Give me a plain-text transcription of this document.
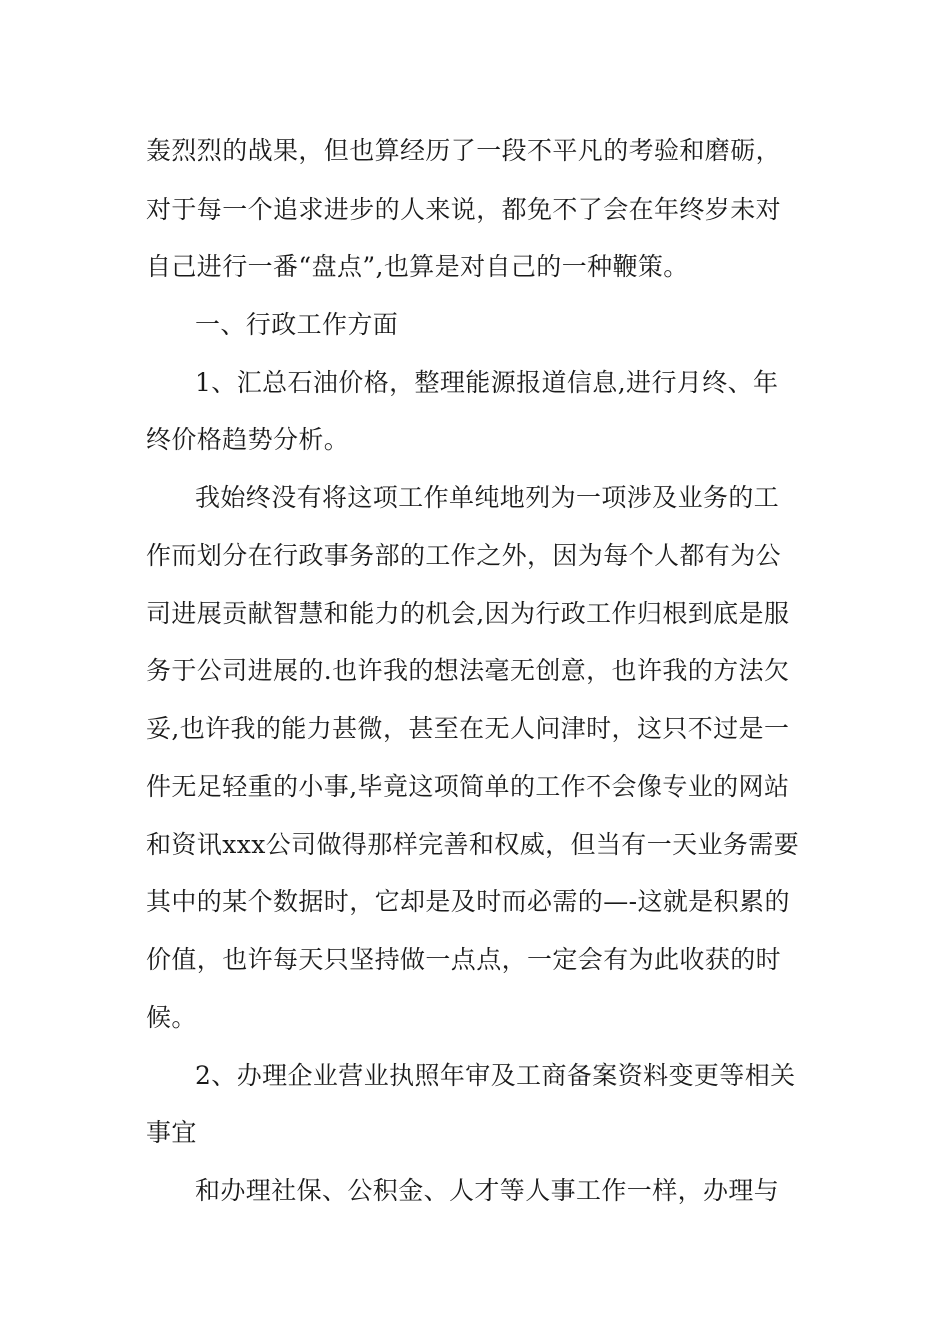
轰烈烈的战果，但也算经历了一段不平凡的考验和磨砺，
对于每一个追求进步的人来说，都免不了会在年终岁未对
自己进行一番“盘点”,也算是对自己的一种鞭策。
一、行政工作方面
1、汇总石油价格，整理能源报道信息,进行月终、年
终价格趋势分析。
我始终没有将这项工作单纯地列为一项涉及业务的工
作而划分在行政事务部的工作之外，因为每个人都有为公
司进展贡献智慧和能力的机会,因为行政工作归根到底是服
务于公司进展的.也许我的想法毫无创意，也许我的方法欠
妥,也许我的能力甚微，甚至在无人问津时，这只不过是一
件无足轻重的小事,毕竟这项简单的工作不会像专业的网站
和资讯xxx公司做得那样完善和权威，但当有一天业务需要
其中的某个数据时，它却是及时而必需的—-这就是积累的
价值，也许每天只坚持做一点点，一定会有为此收获的时
候。
2、办理企业营业执照年审及工商备案资料变更等相关
事宜
和办理社保、公积金、人才等人事工作一样，办理与
